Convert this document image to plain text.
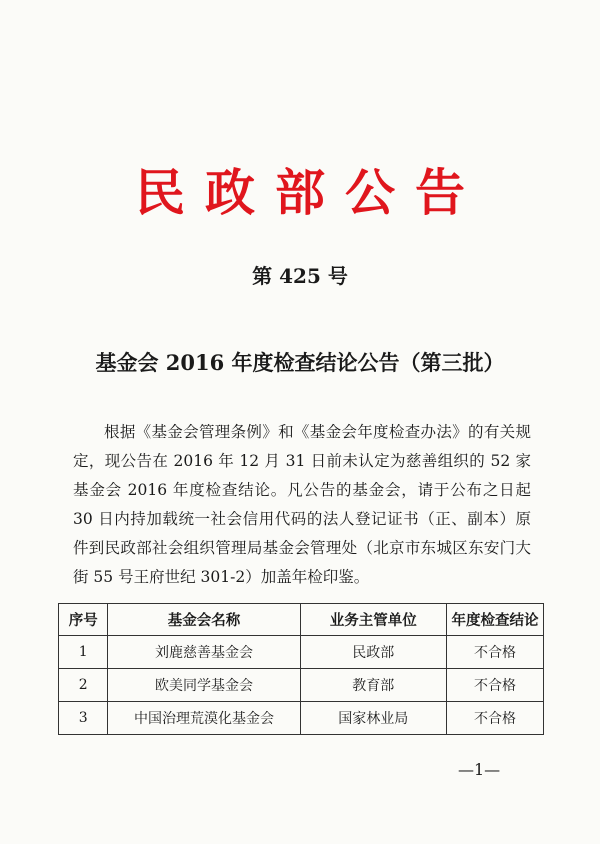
民政部公告
第 425 号
基金会 2016 年度检查结论公告（第三批）

根据《基金会管理条例》和《基金会年度检查办法》的有关规定，现公告在 2016 年 12 月 31 日前未认定为慈善组织的 52 家基金会 2016 年度检查结论。凡公告的基金会，请于公布之日起 30 日内持加载统一社会信用代码的法人登记证书（正、副本）原件到民政部社会组织管理局基金会管理处（北京市东城区东安门大街 55 号王府世纪 301-2）加盖年检印鉴。

序号	基金会名称	业务主管单位	年度检查结论
1	刘鹿慈善基金会	民政部	不合格
2	欧美同学基金会	教育部	不合格
3	中国治理荒漠化基金会	国家林业局	不合格
—1—
